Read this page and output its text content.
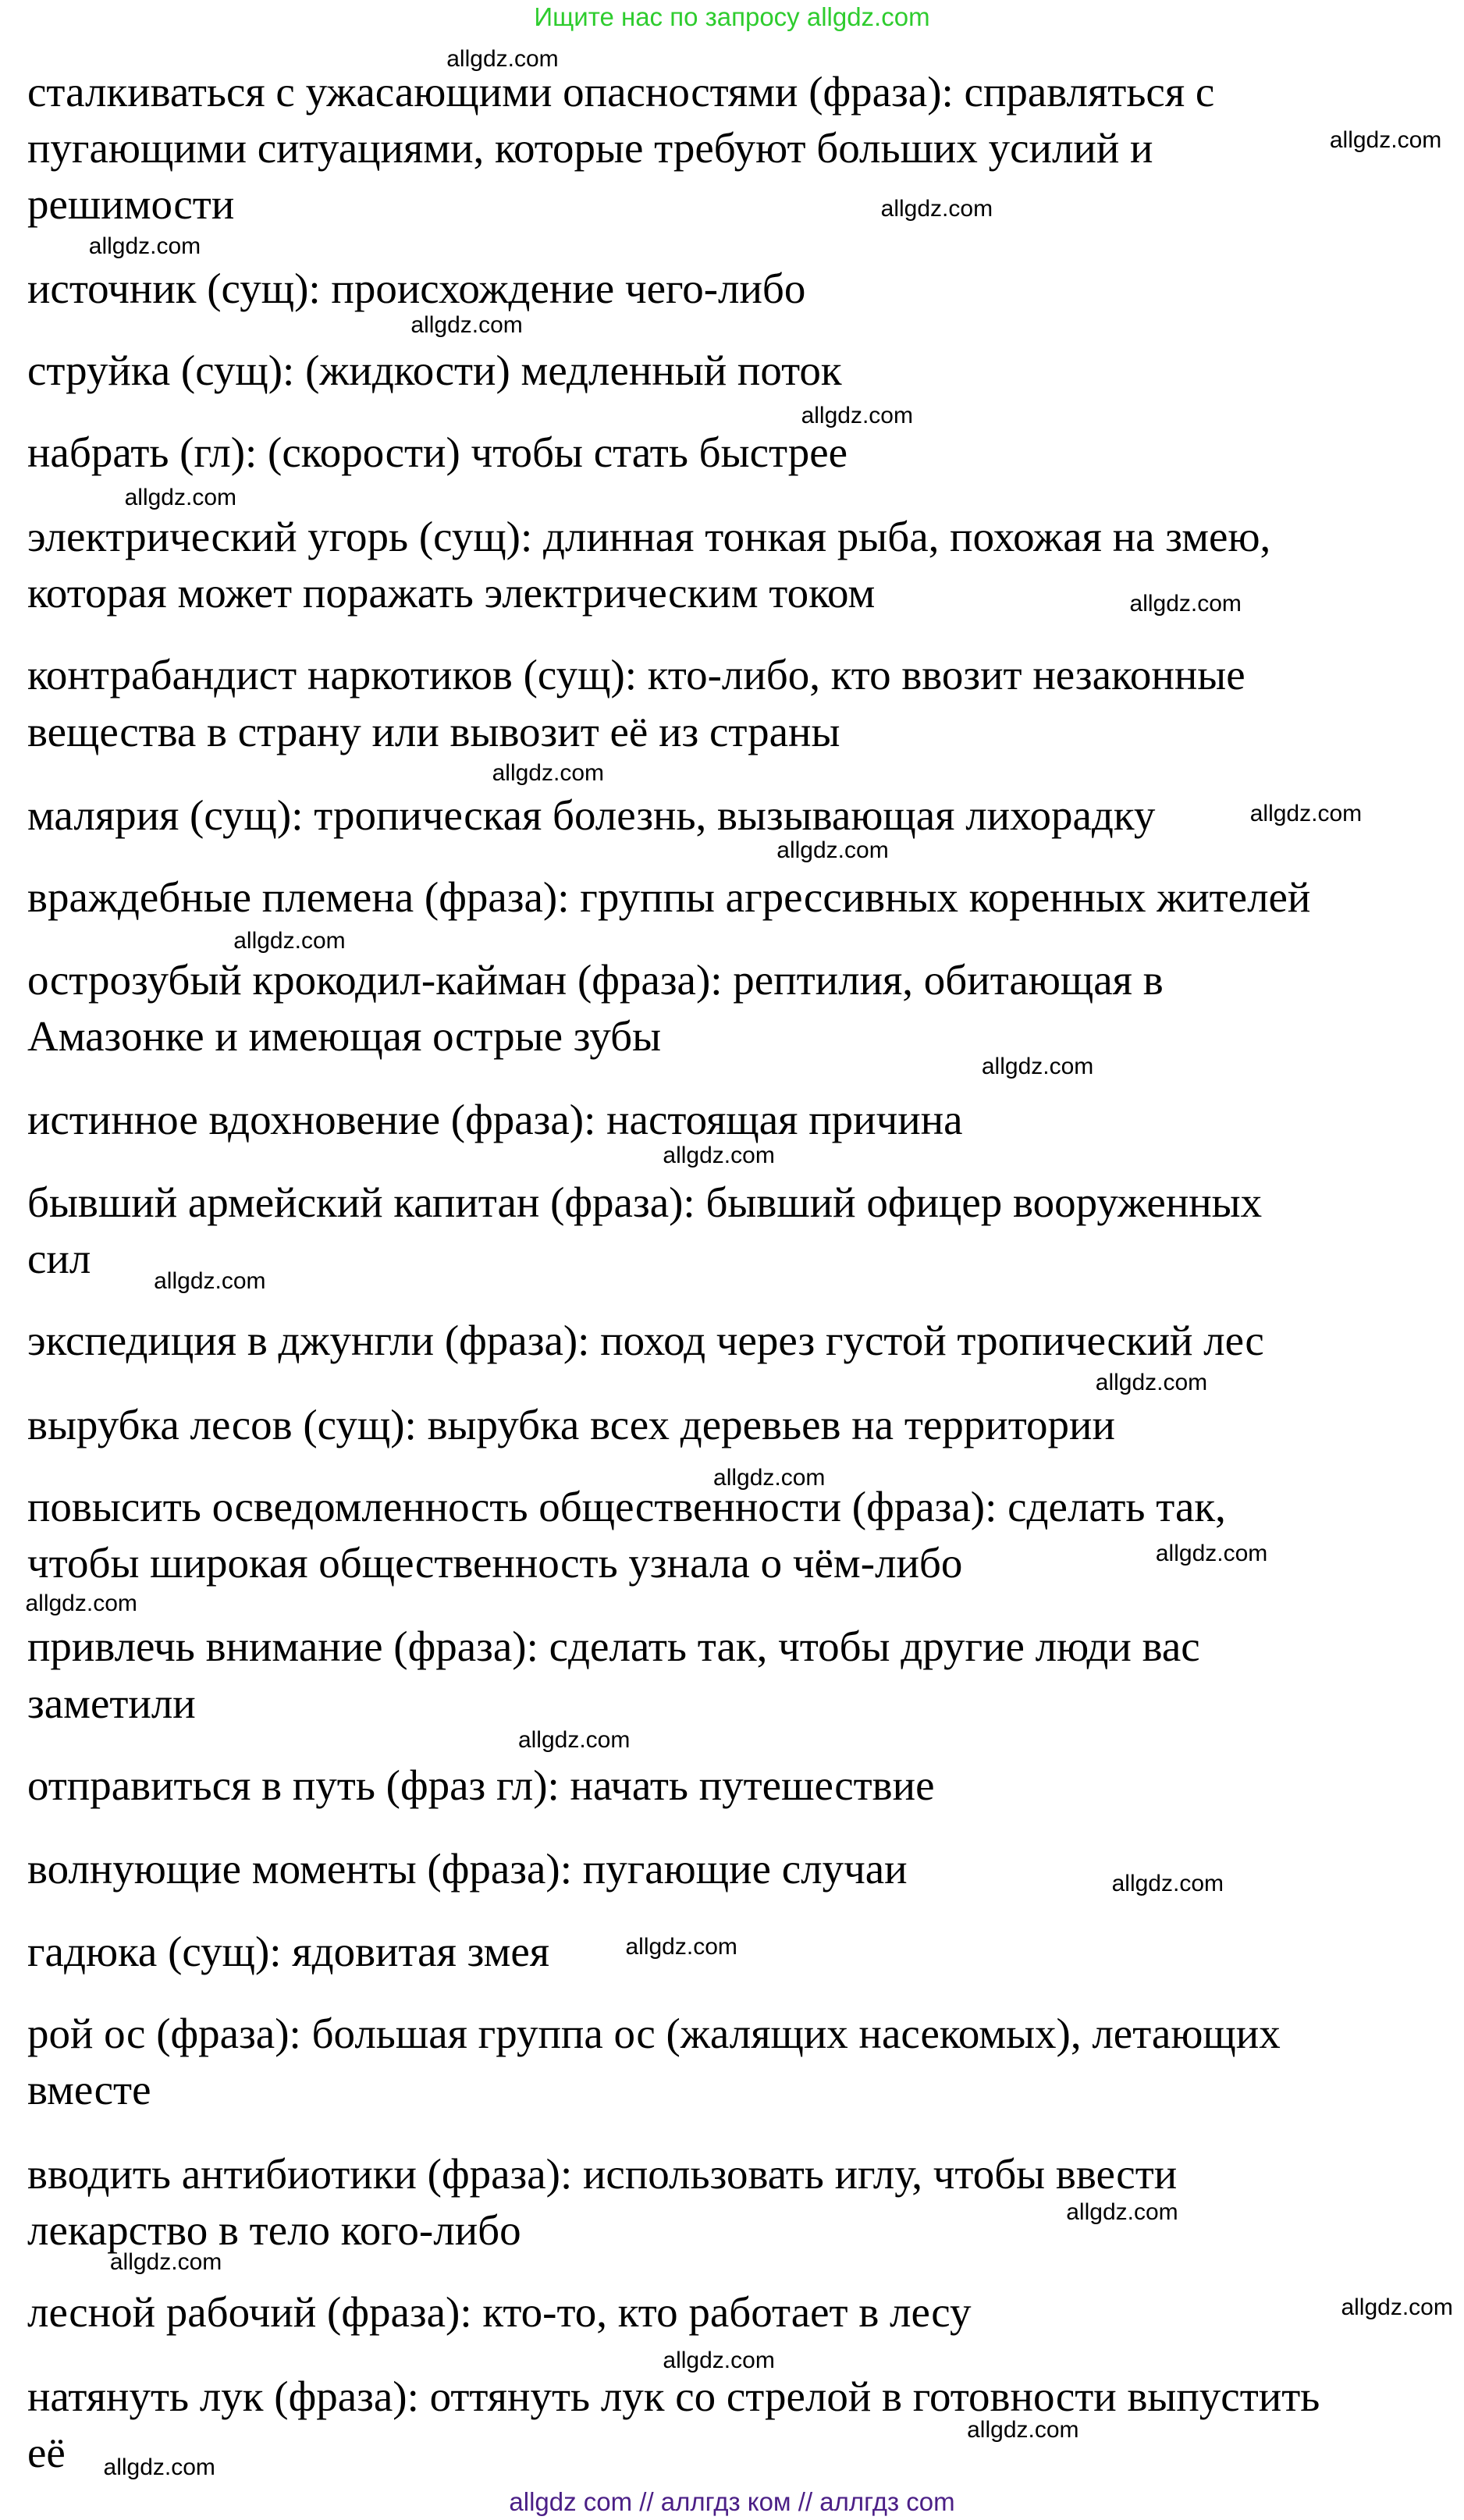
Ищите нас по запросу allgdz.com
сталкиваться с ужасающими опасностями (фраза): справляться с
пугающими ситуациями, которые требуют больших усилий и
решимости
источник (сущ): происхождение чего-либо
струйка (сущ): (жидкости) медленный поток
набрать (гл): (скорости) чтобы стать быстрее
электрический угорь (сущ): длинная тонкая рыба, похожая на змею,
которая может поражать электрическим током
контрабандист наркотиков (сущ): кто-либо, кто ввозит незаконные
вещества в страну или вывозит её из страны
малярия (сущ): тропическая болезнь, вызывающая лихорадку
враждебные племена (фраза): группы агрессивных коренных жителей
острозубый крокодил-кайман (фраза): рептилия, обитающая в
Амазонке и имеющая острые зубы
истинное вдохновение (фраза): настоящая причина
бывший армейский капитан (фраза): бывший офицер вооруженных
сил
экспедиция в джунгли (фраза): поход через густой тропический лес
вырубка лесов (сущ): вырубка всех деревьев на территории
повысить осведомленность общественности (фраза): сделать так,
чтобы широкая общественность узнала о чём-либо
привлечь внимание (фраза): сделать так, чтобы другие люди вас
заметили
отправиться в путь (фраз гл): начать путешествие
волнующие моменты (фраза): пугающие случаи
гадюка (сущ): ядовитая змея
рой ос (фраза): большая группа ос (жалящих насекомых), летающих
вместе
вводить антибиотики (фраза): использовать иглу, чтобы ввести
лекарство в тело кого-либо
лесной рабочий (фраза): кто-то, кто работает в лесу
натянуть лук (фраза): оттянуть лук со стрелой в готовности выпустить
её
allgdz.com
allgdz.com
allgdz.com
allgdz.com
allgdz.com
allgdz.com
allgdz.com
allgdz.com
allgdz.com
allgdz.com
allgdz.com
allgdz.com
allgdz.com
allgdz.com
allgdz.com
allgdz.com
allgdz.com
allgdz.com
allgdz.com
allgdz.com
allgdz.com
allgdz.com
allgdz.com
allgdz.com
allgdz.com
allgdz.com
allgdz.com
allgdz.com
allgdz com // аллгдз ком // аллгдз com
